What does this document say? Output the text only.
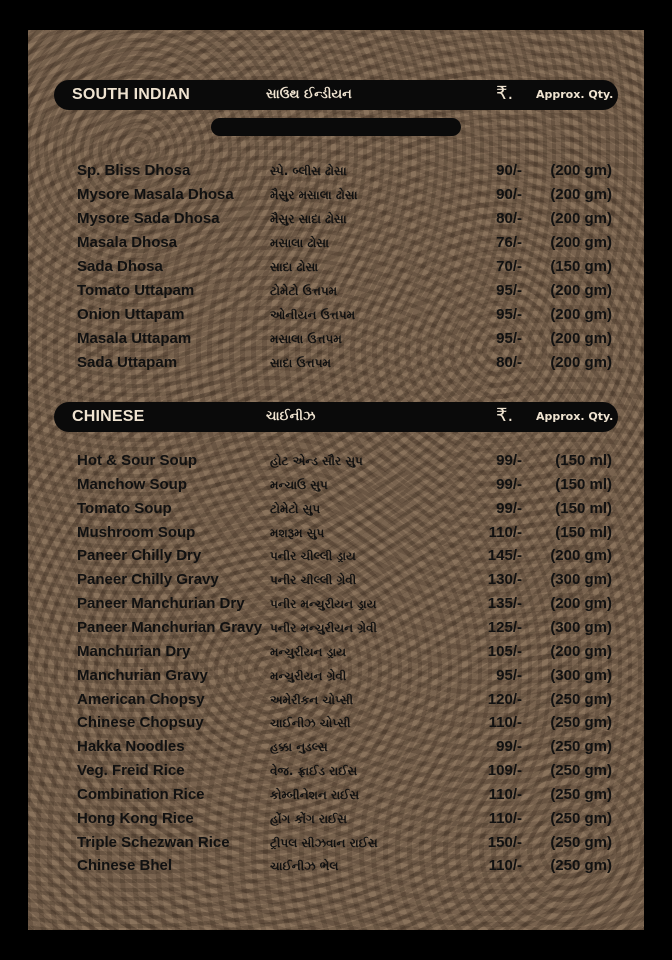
SOUTH INDIAN	સાઉથ ઈન્ડીયન	₹. Approx. Qty.
Sp. Bliss Dhosa	સ્પે. બ્લીસ ઢોસા	90/- (200 gm)
Mysore Masala Dhosa	મૈસુર મસાલા ઢોસા	90/- (200 gm)
Mysore Sada Dhosa	મૈસુર સાદા ઢોસા	80/- (200 gm)
Masala Dhosa	મસાલા ઢોસા	76/- (200 gm)
Sada Dhosa	સાદા ઢોસા	70/- (150 gm)
Tomato Uttapam	ટોમેટો ઉત્તપમ	95/- (200 gm)
Onion Uttapam	ઓનીયન ઉત્તપમ	95/- (200 gm)
Masala Uttapam	મસાલા ઉત્તપમ	95/- (200 gm)
Sada Uttapam	સાદા ઉત્તપમ	80/- (200 gm)
CHINESE	ચાઈનીઝ	₹. Approx. Qty.
Hot & Sour Soup	હોટ એન્ડ સૌર સુપ	99/- (150 ml)
Manchow Soup	મન્ચાઉ સુપ	99/- (150 ml)
Tomato Soup	ટોમેટો સુપ	99/- (150 ml)
Mushroom Soup	મશરૂમ સુપ	110/- (150 ml)
Paneer Chilly Dry	પનીર ચીલ્લી ડ્રાય	145/- (200 gm)
Paneer Chilly Gravy	પનીર ચીલ્લી ગ્રેવી	130/- (300 gm)
Paneer Manchurian Dry પનીર મન્ચુરીયન ડ્રાય	135/- (200 gm)
Paneer Manchurian Gravy પનીર મન્ચુરીયન ગ્રેવી	125/- (300 gm)
Manchurian Dry	મન્ચુરીયન ડ્રાય	105/- (200 gm)
Manchurian Gravy	મન્ચુરીયન ગ્રેવી	95/- (300 gm)
American Chopsy	અમેરીકન ચોપ્સી	120/- (250 gm)
Chinese Chopsuy	ચાઈનીઝ ચોપ્સી	110/- (250 gm)
Hakka Noodles	હક્કા નુડલ્સ	99/- (250 gm)
Veg. Freid Rice	વેજ. ફ્રાઈડ રાઈસ	109/- (250 gm)
Combination Rice	કોમ્બીનેશન રાઈસ	110/- (250 gm)
Hong Kong Rice	હોંગ કોંગ રાઈસ	110/- (250 gm)
Triple Schezwan Rice	ટ્રીપલ સીઝવાન રાઈસ	150/- (250 gm)
Chinese Bhel	ચાઈનીઝ ભેલ	110/- (250 gm)
